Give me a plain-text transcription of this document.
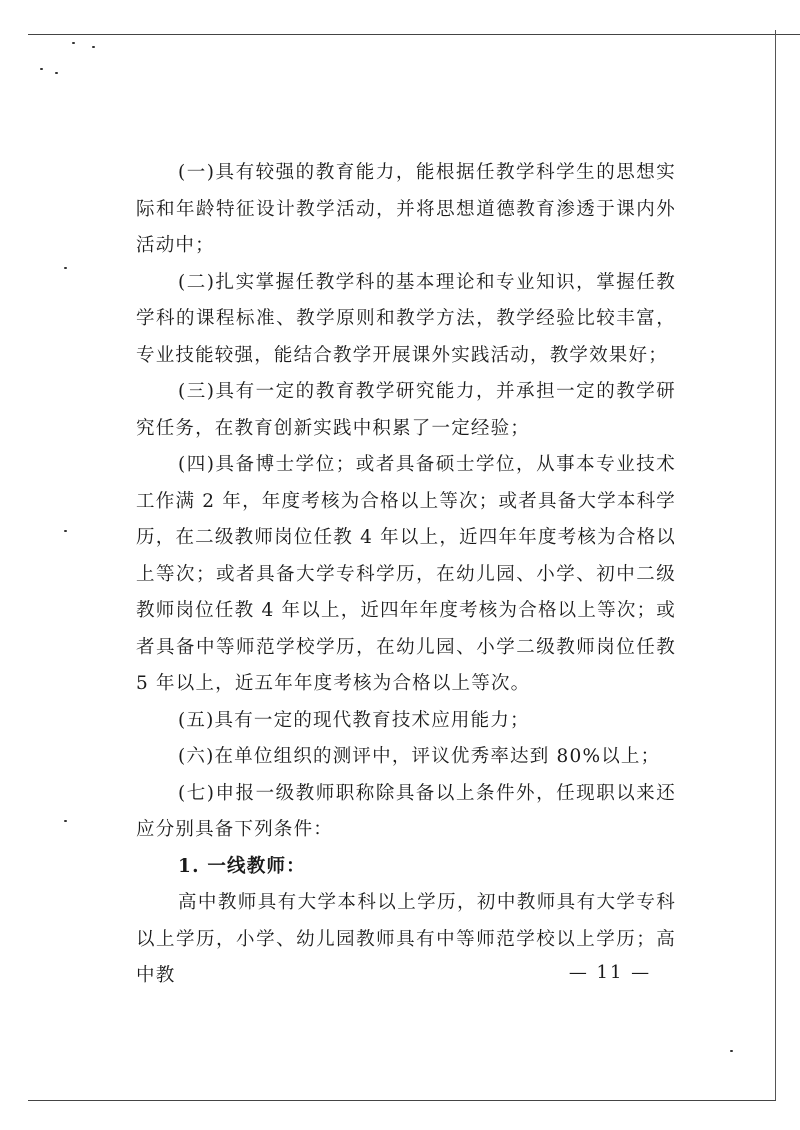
(一)具有较强的教育能力，能根据任教学科学生的思想实际和年龄特征设计教学活动，并将思想道德教育渗透于课内外活动中；

(二)扎实掌握任教学科的基本理论和专业知识，掌握任教学科的课程标准、教学原则和教学方法，教学经验比较丰富，专业技能较强，能结合教学开展课外实践活动，教学效果好；

(三)具有一定的教育教学研究能力，并承担一定的教学研究任务，在教育创新实践中积累了一定经验；

(四)具备博士学位；或者具备硕士学位，从事本专业技术工作满 2 年，年度考核为合格以上等次；或者具备大学本科学历，在二级教师岗位任教 4 年以上，近四年年度考核为合格以上等次；或者具备大学专科学历，在幼儿园、小学、初中二级教师岗位任教 4 年以上，近四年年度考核为合格以上等次；或者具备中等师范学校学历，在幼儿园、小学二级教师岗位任教 5 年以上，近五年年度考核为合格以上等次。

(五)具有一定的现代教育技术应用能力；

(六)在单位组织的测评中，评议优秀率达到 80%以上；

(七)申报一级教师职称除具备以上条件外，任现职以来还应分别具备下列条件：

1. 一线教师：

高中教师具有大学本科以上学历，初中教师具有大学专科以上学历，小学、幼儿园教师具有中等师范学校以上学历；高中教	— 11 —
